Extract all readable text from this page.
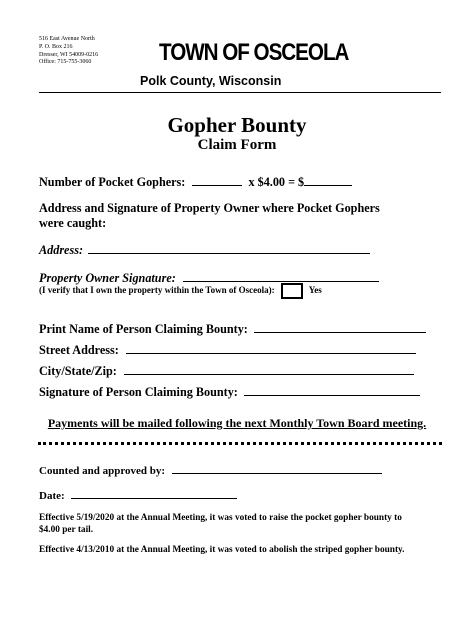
516 East Avenue North
P. O. Box 216
Dresser, WI 54009-0216
Office: 715-755-3060	TOWN OF OSCEOLA
Polk County, Wisconsin
Gopher Bounty
Claim Form
Number of Pocket Gophers:	x $4.00 = $
Address and Signature of Property Owner where Pocket Gophers were caught:
Address:
Property Owner Signature:
(I verify that I own the property within the Town of Osceola):	Yes
Print Name of Person Claiming Bounty:
Street Address:
City/State/Zip:
Signature of Person Claiming Bounty:
Payments will be mailed following the next Monthly Town Board meeting.
Counted and approved by:
Date:
Effective 5/19/2020 at the Annual Meeting, it was voted to raise the pocket gopher bounty to $4.00 per tail.
Effective 4/13/2010 at the Annual Meeting, it was voted to abolish the striped gopher bounty.
